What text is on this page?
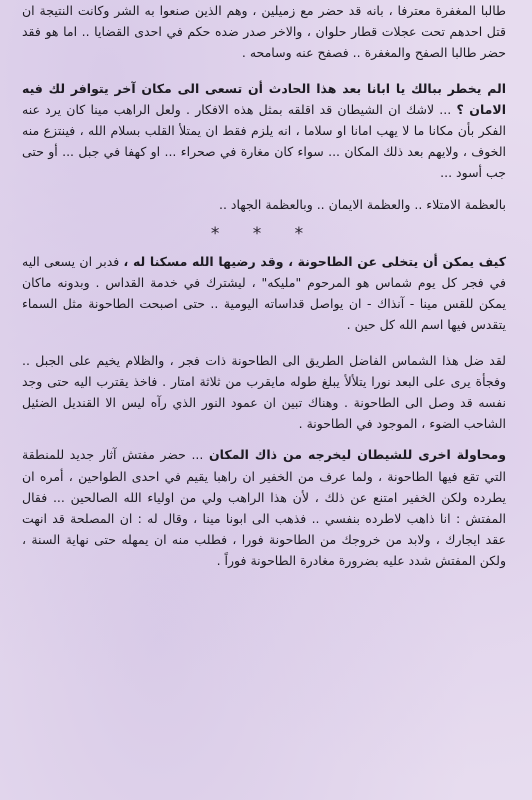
طالبا المغفرة معترفا ، بانه قد حضر مع زميلين ، وهم الذين صنعوا به الشر وكانت النتيجة ان قتل احدهم تحت عجلات قطار حلوان ، والاخر صدر ضده حكم في احدى القضايا .. اما هو فقد حضر طالبا الصفح والمغفرة .. فصفح عنه وسامحه .

الم يخطر ببالك يا ابانا بعد هذا الحادث أن تسعى الى مكان آخر يتوافر لك فيه الامان ؟ ... لاشك ان الشيطان قد اقلقه بمثل هذه الافكار . ولعل الراهب مينا كان يرد عنه الفكر بأن مكانا ما لا يهب امانا او سلاما ، انه يلزم فقط ان يمتلأ القلب بسلام الله ، فينتزع منه الخوف ، ولايهم بعد ذلك المكان ... سواء كان مغارة في صحراء ... او كهفا في جبل ... أو حتى جب أسود ...

بالعظمة الامتلاء .. والعظمة الايمان .. وبالعظمة الجهاد ..

* * *

كيف يمكن أن يتخلى عن الطاحونة ، وقد رضيها الله مسكنا له ، فدبر ان يسعى اليه في فجر كل يوم شماس هو المرحوم "مليكه" ، ليشترك في خدمة القداس . وبدونه ماكان يمكن للقس مينا - آنذاك - ان يواصل قداساته اليومية .. حتى اصبحت الطاحونة مثل السماء يتقدس فيها اسم الله كل حين .

لقد ضل هذا الشماس الفاضل الطريق الى الطاحونة ذات فجر ، والظلام يخيم على الجبل .. وفجأة يرى على البعد نورا يتلألأ يبلغ طوله مايقرب من ثلاثة امتار . فاخذ يقترب اليه حتى وجد نفسه قد وصل الى الطاحونة . وهناك تبين ان عمود النور الذي رآه ليس الا القنديل الضئيل الشاحب الضوء ، الموجود في الطاحونة .

ومحاولة اخرى للشيطان ليخرجه من ذاك المكان ... حضر مفتش آثار جديد للمنطقة التي تقع فيها الطاحونة ، ولما عرف من الخفير ان راهبا يقيم في احدى الطواحين ، أمره ان يطرده ولكن الخفير امتنع عن ذلك ، لأن هذا الراهب ولي من اولياء الله الصالحين ... فقال المفتش : انا ذاهب لاطرده بنفسي .. فذهب الى ابونا مينا ، وقال له : ان المصلحة قد انهت عقد ايجارك ، ولابد من خروجك من الطاحونة فورا ، فطلب منه ان يمهله حتى نهاية السنة ، ولكن المفتش شدد عليه بضرورة مغادرة الطاحونة فوراً .
